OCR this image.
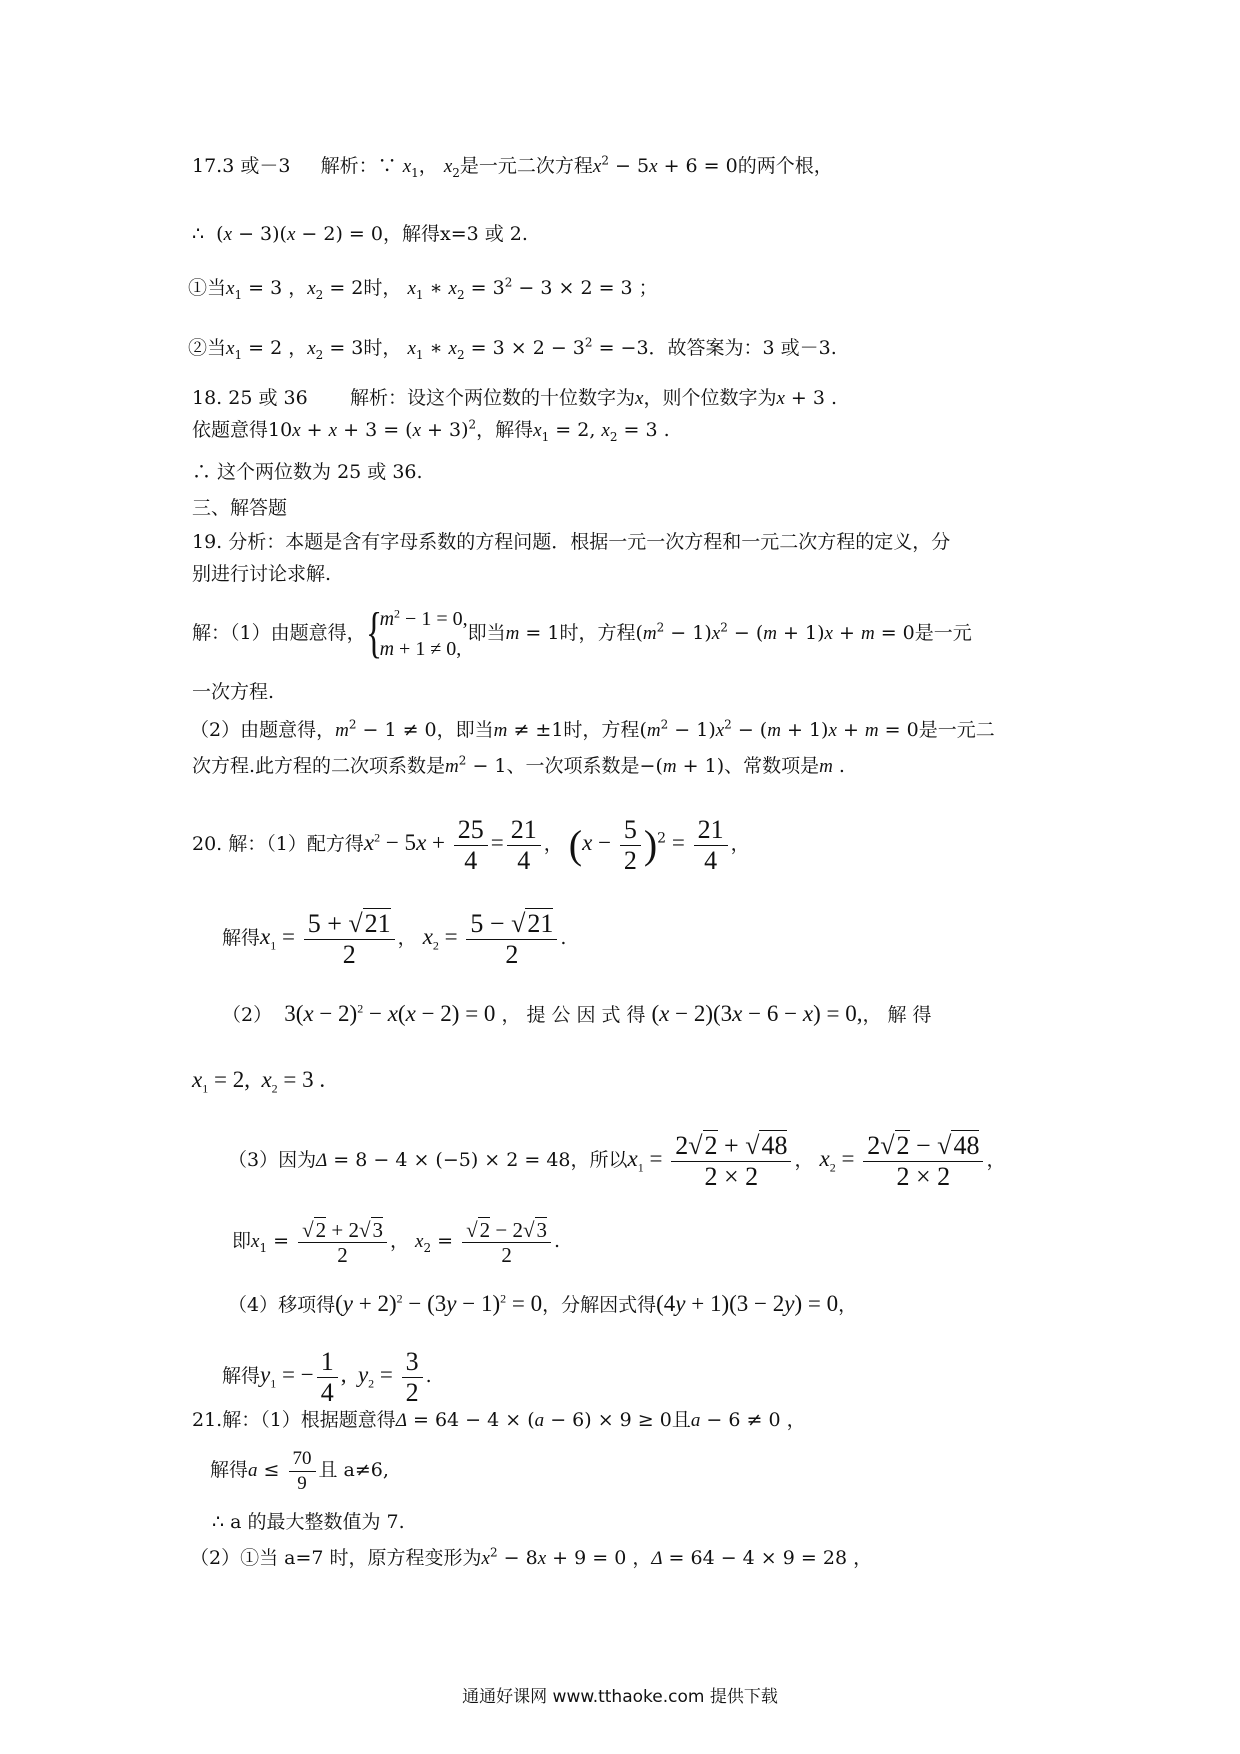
17.3 或－3 解析：∵ $x_1$， $x_2$是一元二次方程$x^2 - 5x + 6 = 0$的两个根，
∴  (x − 3)(x − 2) = 0，解得x=3 或 2.
①当$x_1 = 3$ ，$x_2 = 2$时， $x_1$ ∗ $x_2 = 3^2 - 3 \times 2 = 3$ ；
②当$x_1 = 2$ ，$x_2 = 3$时， $x_1$ ∗ $x_2 = 3 \times 2 - 3^2 = -3$．故答案为：3 或－3.
18. 25 或 36 解析：设这个两位数的十位数字为x，则个位数字为x + 3 .
依题意得$10x + x + 3 = (x + 3)^2$，解得$x_1 = 2$, $x_2 = 3$ .
∴ 这个两位数为 25 或 36.
三、解答题
19. 分析：本题是含有字母系数的方程问题．根据一元一次方程和一元二次方程的定义，分
别进行讨论求解.
解：（1）由题意得， {
$m^2 - 1 = 0$,
m + 1 ≠ 0,
即当m = 1时，方程$(m^2 - 1)x^2 - (m + 1)x + m = 0$是一元
一次方程.
（2）由题意得，$m^2 - 1 \ne 0$，即当m ≠ ±1时，方程$(m^2 - 1)x^2 - (m + 1)x + m = 0$是一元二
次方程.此方程的二次项系数是$m^2 - 1$、一次项系数是−(m + 1)、常数项是m .
20. 解：（1）配方得$x^2 - 5x + \frac{25}{4} = \frac{21}{4}$ ， $(x - \frac{5}{2} )^2 = \frac{21}{4}$ ，
解得$x_1 = \frac{5 + √21}{2}$ ， $x_2 = \frac{5 - √21}{2}$ .
（2） $3(x - 2)^2 - x(x - 2) = 0$ ，提公因式得(x − 2)(3x − 6 − x) = 0,，解得
$x_1 = 2$,  $x_2 = 3$ .
（3）因为Δ = 8 − 4 × (−5) × 2 = 48，所以$x_1 = \frac{2√2 + √48}{2 \times 2}$ ， $x_2 = \frac{2√2 - √48}{2 \times 2}$ ，
即$x_1 = \frac{√2 + 2√3}{2}$ ， $x_2 = \frac{√2 - 2√3}{2}$ .
（4）移项得$(y + 2)^2 - (3y - 1)^2 = 0$，分解因式得(4y + 1)(3 − 2y) = 0，
解得$y_1$ = − $\frac{1}{4}$ ,  $y_2 = \frac{3}{2}$ .
21.解：（1）根据题意得Δ = 64 − 4 × (a − 6) × 9 ≥ 0且a − 6 ≠ 0 ，
解得$a \le \frac{70}{9}$ 且 a≠6,
∴ a 的最大整数值为 7.
（2）①当 a=7 时，原方程变形为$x^2 - 8x + 9 = 0$ ，Δ = 64 − 4 × 9 = 28 ，
通通好课网 www.tthaoke.com 提供下载
